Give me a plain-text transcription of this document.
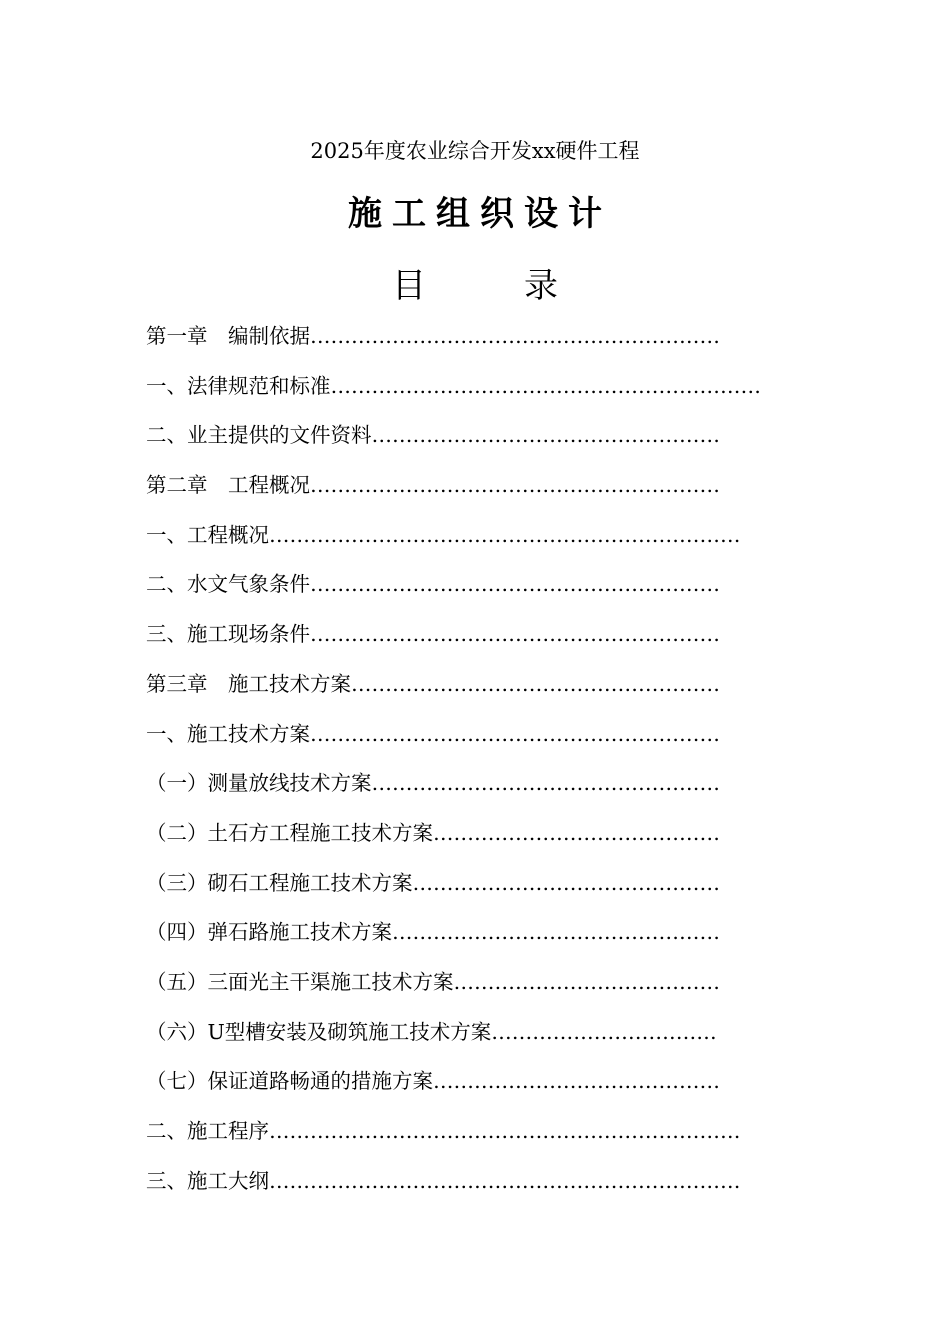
2025年度农业综合开发xx硬件工程
施工组织设计
目　录
第一章　编制依据 ……………………………………………………
一、法律规范和标准 ………………………………………………………
二、业主提供的文件资料 ……………………………………………
第二章　工程概况 ……………………………………………………
一、工程概况 ……………………………………………………………
二、水文气象条件 ……………………………………………………
三、施工现场条件 ……………………………………………………
第三章　施工技术方案 ………………………………………………
一、施工技术方案 ……………………………………………………
（一）测量放线技术方案 ……………………………………………
（二）土石方工程施工技术方案 ……………………………………
（三）砌石工程施工技术方案 ………………………………………
（四）弹石路施工技术方案 …………………………………………
（五）三面光主干渠施工技术方案 …………………………………
（六）U型槽安装及砌筑施工技术方案 ……………………………
（七）保证道路畅通的措施方案 ……………………………………
二、施工程序 ……………………………………………………………
三、施工大纲 ……………………………………………………………
